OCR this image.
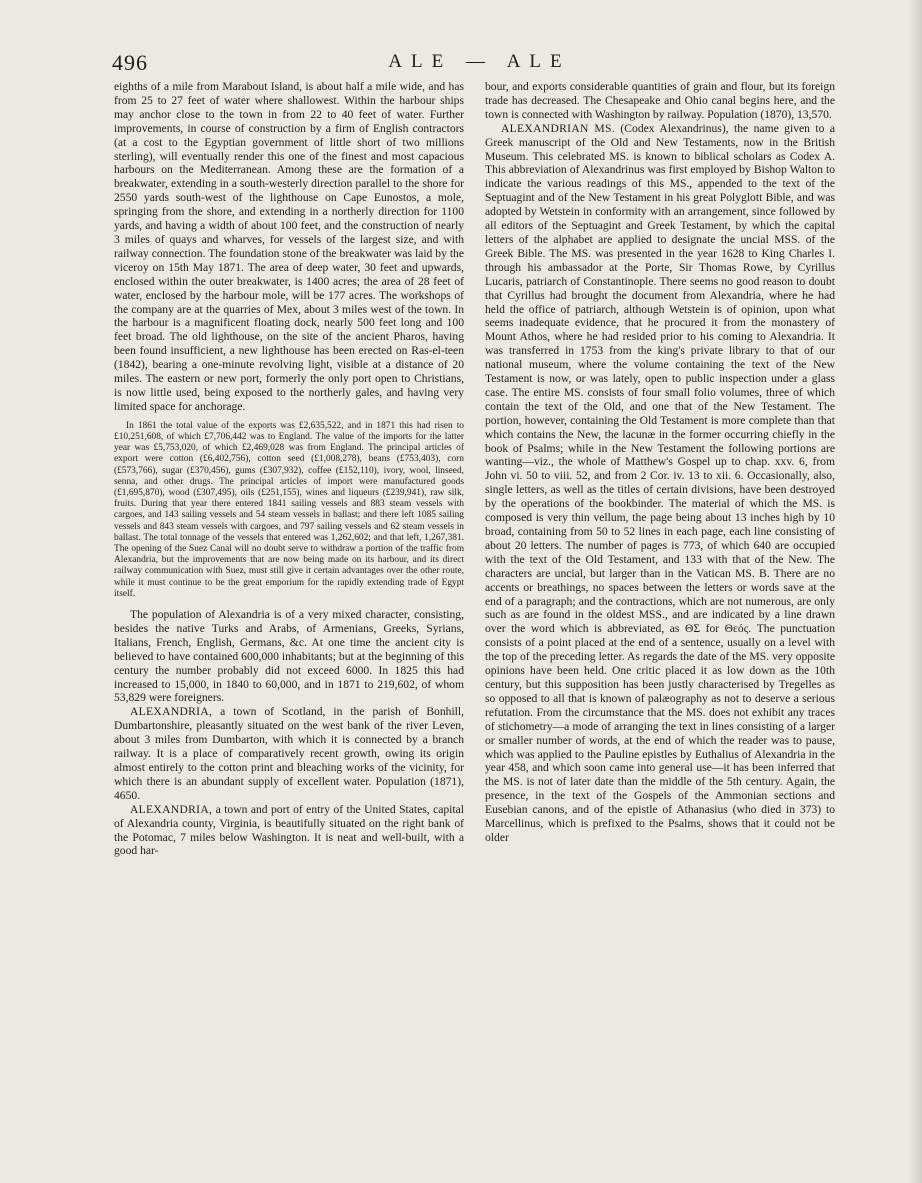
496	ALE — ALE

eighths of a mile from Marabout Island, is about half a mile wide, and has from 25 to 27 feet of water where shallowest. Within the harbour ships may anchor close to the town in from 22 to 40 feet of water. Further improvements, in course of construction by a firm of English contractors (at a cost to the Egyptian government of little short of two millions sterling), will eventually render this one of the finest and most capacious harbours on the Mediterranean. Among these are the formation of a breakwater, extending in a south-westerly direction parallel to the shore for 2550 yards south-west of the lighthouse on Cape Eunostos, a mole, springing from the shore, and extending in a northerly direction for 1100 yards, and having a width of about 100 feet, and the construction of nearly 3 miles of quays and wharves, for vessels of the largest size, and with railway connection. The foundation stone of the breakwater was laid by the viceroy on 15th May 1871. The area of deep water, 30 feet and upwards, enclosed within the outer breakwater, is 1400 acres; the area of 28 feet of water, enclosed by the harbour mole, will be 177 acres. The workshops of the company are at the quarries of Mex, about 3 miles west of the town. In the harbour is a magnificent floating dock, nearly 500 feet long and 100 feet broad. The old lighthouse, on the site of the ancient Pharos, having been found insufficient, a new lighthouse has been erected on Ras-el-teen (1842), bearing a one-minute revolving light, visible at a distance of 20 miles. The eastern or new port, formerly the only port open to Christians, is now little used, being exposed to the northerly gales, and having very limited space for anchorage.

In 1861 the total value of the exports was £2,635,522, and in 1871 this had risen to £10,251,608, of which £7,706,442 was to England. The value of the imports for the latter year was £5,753,020, of which £2,469,028 was from England. The principal articles of export were cotton (£6,402,756), cotton seed (£1,008,278), beans (£753,403), corn (£573,766), sugar (£370,456), gums (£307,932), coffee (£152,110), ivory, wool, linseed, senna, and other drugs. The principal articles of import were manufactured goods (£1,695,870), wood (£307,495), oils (£251,155), wines and liqueurs (£239,941), raw silk, fruits. During that year there entered 1841 sailing vessels and 883 steam vessels with cargoes, and 143 sailing vessels and 54 steam vessels in ballast; and there left 1085 sailing vessels and 843 steam vessels with cargoes, and 797 sailing vessels and 62 steam vessels in ballast. The total tonnage of the vessels that entered was 1,262,602; and that left, 1,267,381. The opening of the Suez Canal will no doubt serve to withdraw a portion of the traffic from Alexandria, but the improvements that are now being made on its harbour, and its direct railway communication with Suez, must still give it certain advantages over the other route, while it must continue to be the great emporium for the rapidly extending trade of Egypt itself.

The population of Alexandria is of a very mixed character, consisting, besides the native Turks and Arabs, of Armenians, Greeks, Syrians, Italians, French, English, Germans, &c. At one time the ancient city is believed to have contained 600,000 inhabitants; but at the beginning of this century the number probably did not exceed 6000. In 1825 this had increased to 15,000, in 1840 to 60,000, and in 1871 to 219,602, of whom 53,829 were foreigners.

ALEXANDRIA, a town of Scotland, in the parish of Bonhill, Dumbartonshire, pleasantly situated on the west bank of the river Leven, about 3 miles from Dumbarton, with which it is connected by a branch railway. It is a place of comparatively recent growth, owing its origin almost entirely to the cotton print and bleaching works of the vicinity, for which there is an abundant supply of excellent water. Population (1871), 4650.

ALEXANDRIA, a town and port of entry of the United States, capital of Alexandria county, Virginia, is beautifully situated on the right bank of the Potomac, 7 miles below Washington. It is neat and well-built, with a good har-

bour, and exports considerable quantities of grain and flour, but its foreign trade has decreased. The Chesapeake and Ohio canal begins here, and the town is connected with Washington by railway. Population (1870), 13,570.

ALEXANDRIAN MS. (Codex Alexandrinus), the name given to a Greek manuscript of the Old and New Testaments, now in the British Museum. This celebrated MS. is known to biblical scholars as Codex A. This abbreviation of Alexandrinus was first employed by Bishop Walton to indicate the various readings of this MS., appended to the text of the Septuagint and of the New Testament in his great Polyglott Bible, and was adopted by Wetstein in conformity with an arrangement, since followed by all editors of the Septuagint and Greek Testament, by which the capital letters of the alphabet are applied to designate the uncial MSS. of the Greek Bible. The MS. was presented in the year 1628 to King Charles I. through his ambassador at the Porte, Sir Thomas Rowe, by Cyrillus Lucaris, patriarch of Constantinople. There seems no good reason to doubt that Cyrillus had brought the document from Alexandria, where he had held the office of patriarch, although Wetstein is of opinion, upon what seems inadequate evidence, that he procured it from the monastery of Mount Athos, where he had resided prior to his coming to Alexandria. It was transferred in 1753 from the king's private library to that of our national museum, where the volume containing the text of the New Testament is now, or was lately, open to public inspection under a glass case. The entire MS. consists of four small folio volumes, three of which contain the text of the Old, and one that of the New Testament. The portion, however, containing the Old Testament is more complete than that which contains the New, the lacunæ in the former occurring chiefly in the book of Psalms; while in the New Testament the following portions are wanting—viz., the whole of Matthew's Gospel up to chap. xxv. 6, from John vi. 50 to viii. 52, and from 2 Cor. iv. 13 to xii. 6. Occasionally, also, single letters, as well as the titles of certain divisions, have been destroyed by the operations of the bookbinder. The material of which the MS. is composed is very thin vellum, the page being about 13 inches high by 10 broad, containing from 50 to 52 lines in each page, each line consisting of about 20 letters. The number of pages is 773, of which 640 are occupied with the text of the Old Testament, and 133 with that of the New. The characters are uncial, but larger than in the Vatican MS. B. There are no accents or breathings, no spaces between the letters or words save at the end of a paragraph; and the contractions, which are not numerous, are only such as are found in the oldest MSS., and are indicated by a line drawn over the word which is abbreviated, as ΘΣ for Θεός. The punctuation consists of a point placed at the end of a sentence, usually on a level with the top of the preceding letter. As regards the date of the MS. very opposite opinions have been held. One critic placed it as low down as the 10th century, but this supposition has been justly characterised by Tregelles as so opposed to all that is known of palæography as not to deserve a serious refutation. From the circumstance that the MS. does not exhibit any traces of stichometry—a mode of arranging the text in lines consisting of a larger or smaller number of words, at the end of which the reader was to pause, which was applied to the Pauline epistles by Euthalius of Alexandria in the year 458, and which soon came into general use—it has been inferred that the MS. is not of later date than the middle of the 5th century. Again, the presence, in the text of the Gospels of the Ammonian sections and Eusebian canons, and of the epistle of Athanasius (who died in 373) to Marcellinus, which is prefixed to the Psalms, shows that it could not be older
